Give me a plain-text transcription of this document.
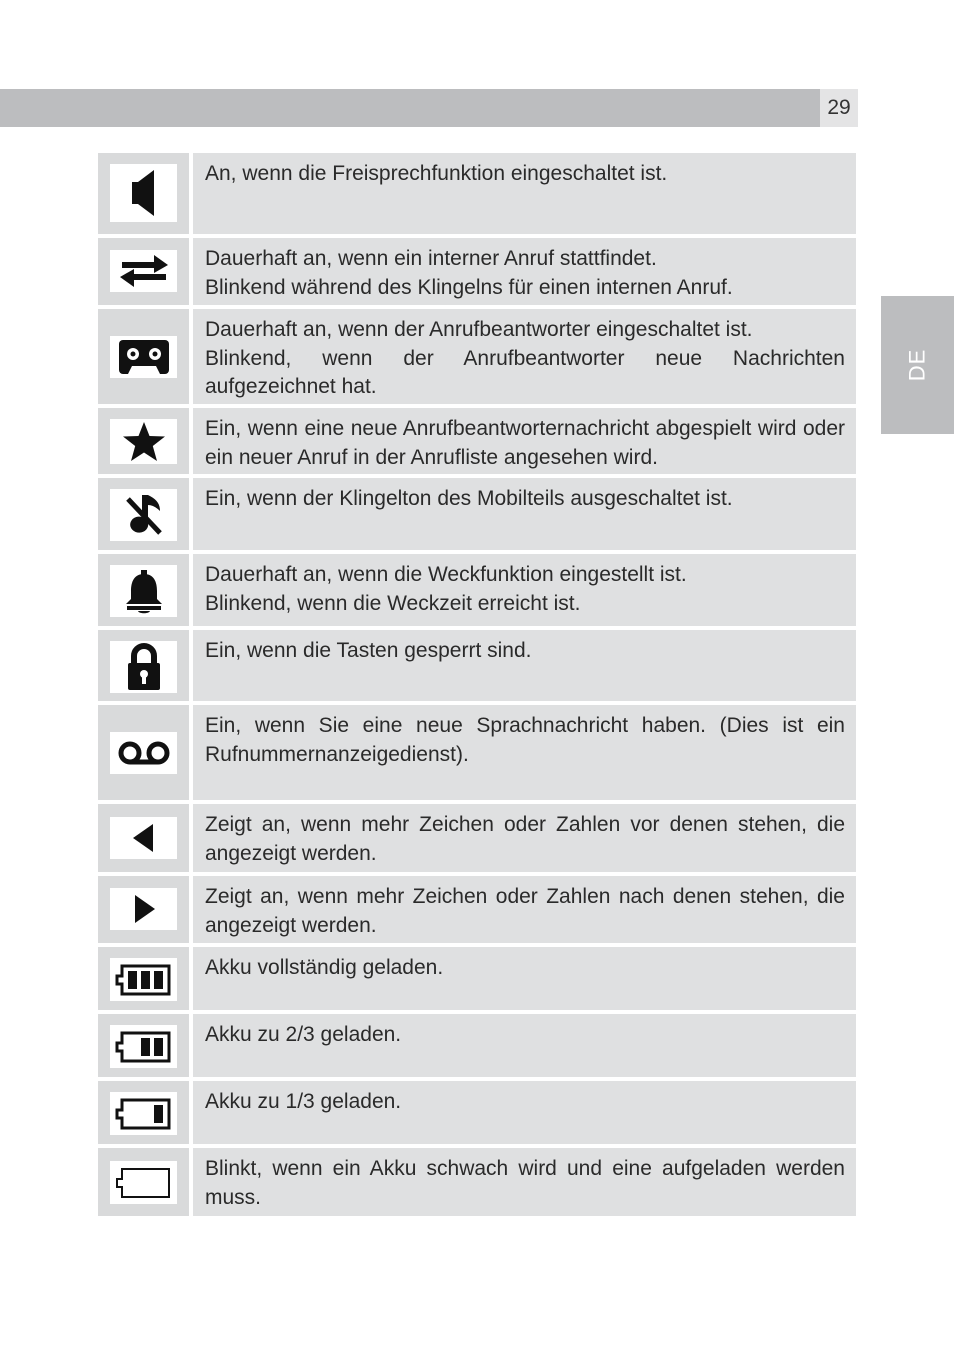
29
DE

An, wenn die Freisprechfunktion eingeschaltet ist.

Dauerhaft an, wenn ein interner Anruf stattfindet.
Blinkend während des Klingelns für einen internen Anruf.

Dauerhaft an, wenn der Anrufbeantworter eingeschaltet ist.

Blinkend, wenn der Anrufbeantworter neue Nachrichten aufgezeichnet hat.

Ein, wenn eine neue Anrufbeantworternachricht abgespielt wird oder ein neuer Anruf in der Anrufliste angesehen wird.

Ein, wenn der Klingelton des Mobilteils ausgeschaltet ist.

Dauerhaft an, wenn die Weckfunktion eingestellt ist.
Blinkend, wenn die Weckzeit erreicht ist.

Ein, wenn die Tasten gesperrt sind.

Ein, wenn Sie eine neue Sprachnachricht haben. (Dies ist ein Rufnummernanzeigedienst).

Zeigt an, wenn mehr Zeichen oder Zahlen vor denen stehen, die angezeigt werden.

Zeigt an, wenn mehr Zeichen oder Zahlen nach denen stehen, die angezeigt werden.

Akku vollständig geladen.

Akku zu 2/3 geladen.

Akku zu 1/3 geladen.

Blinkt, wenn ein Akku schwach wird und eine aufgeladen werden muss.
